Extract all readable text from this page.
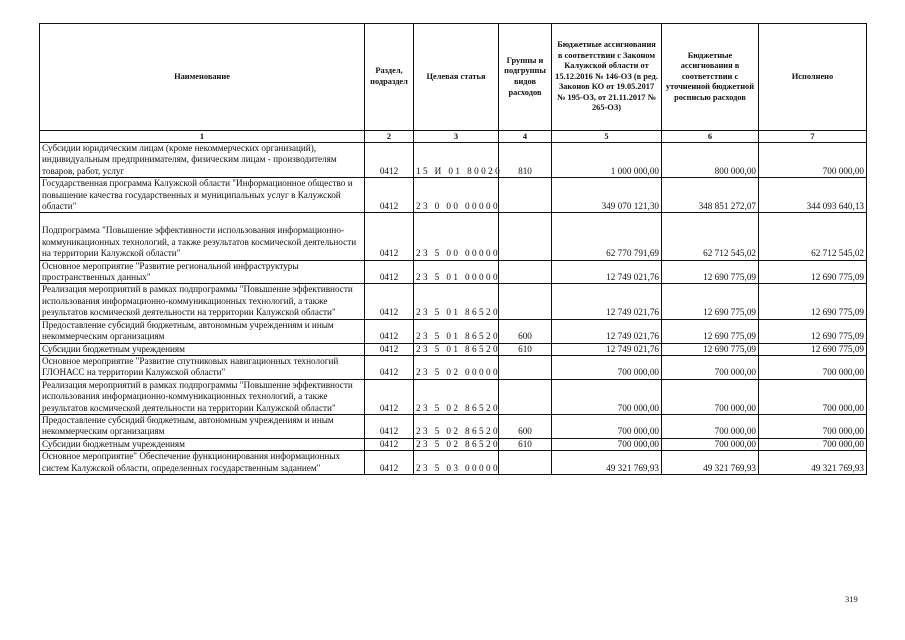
Наименование	Раздел, подраздел	Целевая статья	Группы и подгруппы видов расходов	Бюджетные ассигнования в соответствии с Законом Калужской области от 15.12.2016 № 146-ОЗ (в ред. Законов КО от 19.05.2017 № 195-ОЗ, от 21.11.2017 № 265-ОЗ)	Бюджетные ассигнования в соответствии с уточненной бюджетной росписью расходов	Исполнено
1	2	3	4	5	6	7
Субсидии юридическим лицам (кроме некоммерческих организаций), индивидуальным предпринимателям, физическим лицам - производителям товаров, работ, услуг	0412	15 И 01 80020	810	1 000 000,00	800 000,00	700 000,00
Государственная программа Калужской области "Информационное общество и повышение качества государственных и муниципальных услуг в Калужской области"	0412	23 0 00 00000		349 070 121,30	348 851 272,07	344 093 640,13
Подпрограмма "Повышение эффективности использования информационно-коммуникационных технологий, а также результатов космической деятельности на территории Калужской области"	0412	23 5 00 00000		62 770 791,69	62 712 545,02	62 712 545,02
Основное мероприятие "Развитие региональной инфраструктуры пространственных данных"	0412	23 5 01 00000		12 749 021,76	12 690 775,09	12 690 775,09
Реализация мероприятий в рамках подпрограммы "Повышение эффективности использования информационно-коммуникационных технологий, а также результатов космической деятельности на территории Калужской области"	0412	23 5 01 86520		12 749 021,76	12 690 775,09	12 690 775,09
Предоставление субсидий бюджетным, автономным учреждениям и иным некоммерческим организациям	0412	23 5 01 86520	600	12 749 021,76	12 690 775,09	12 690 775,09
Субсидии бюджетным учреждениям	0412	23 5 01 86520	610	12 749 021,76	12 690 775,09	12 690 775,09
Основное мероприятие "Развитие спутниковых навигационных технологий ГЛОНАСС на территории Калужской области"	0412	23 5 02 00000		700 000,00	700 000,00	700 000,00
Реализация мероприятий в рамках подпрограммы "Повышение эффективности использования информационно-коммуникационных технологий, а также результатов космической деятельности на территории Калужской области"	0412	23 5 02 86520		700 000,00	700 000,00	700 000,00
Предоставление субсидий бюджетным, автономным учреждениям и иным некоммерческим организациям	0412	23 5 02 86520	600	700 000,00	700 000,00	700 000,00
Субсидии бюджетным учреждениям	0412	23 5 02 86520	610	700 000,00	700 000,00	700 000,00
Основное мероприятие" Обеспечение функционирования информационных систем Калужской области, определенных государственным заданием"	0412	23 5 03 00000		49 321 769,93	49 321 769,93	49 321 769,93
319
